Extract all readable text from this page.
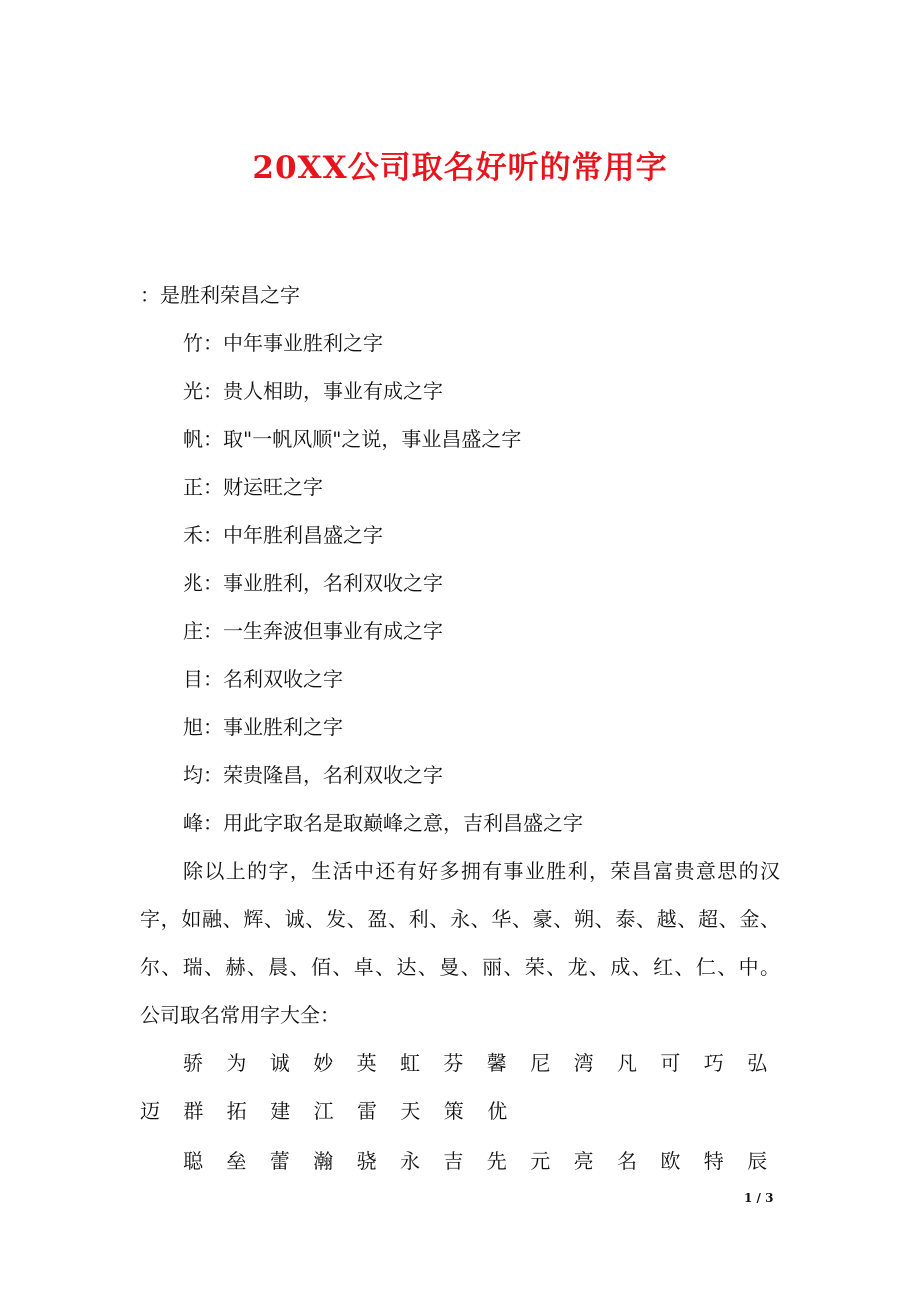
20XX公司取名好听的常用字
：是胜利荣昌之字
竹：中年事业胜利之字
光：贵人相助，事业有成之字
帆：取"一帆风顺"之说，事业昌盛之字
正：财运旺之字
禾：中年胜利昌盛之字
兆：事业胜利，名利双收之字
庄：一生奔波但事业有成之字
目：名利双收之字
旭：事业胜利之字
均：荣贵隆昌，名利双收之字
峰：用此字取名是取巅峰之意，吉利昌盛之字
除以上的字，生活中还有好多拥有事业胜利，荣昌富贵意思的汉
字，如融、辉、诚、发、盈、利、永、华、豪、朔、泰、越、超、金、
尔、瑞、赫、晨、佰、卓、达、曼、丽、荣、龙、成、红、仁、中。
公司取名常用字大全：
骄 为 诚 妙 英 虹 芬 馨 尼 湾 凡 可 巧 弘
迈 群 拓 建 江 雷 天 策 优
聪 垒 蕾 瀚 骁 永 吉 先 元 亮 名 欧 特 辰
1 / 3
